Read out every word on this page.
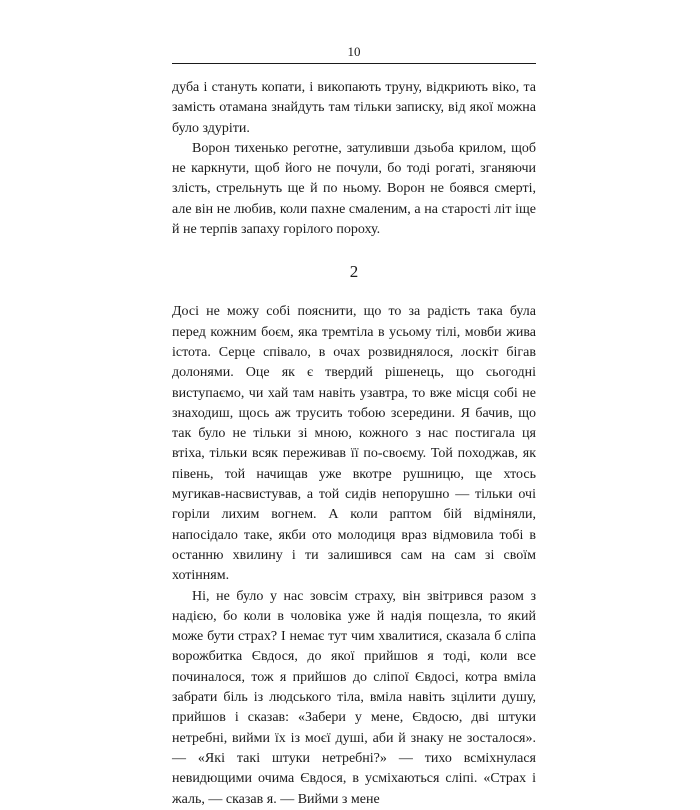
10

дуба і стануть копати, і викопають труну, відкриють віко, та замість отамана знайдуть там тільки записку, від якої можна було здуріти.

Ворон тихенько реготне, затуливши дзьоба крилом, щоб не каркнути, щоб його не почули, бо тоді рогаті, зганяючи злість, стрельнуть ще й по ньому. Ворон не боявся смерті, але він не любив, коли пахне смаленим, а на старості літ іще й не терпів запаху горілого пороху.

2

Досі не можу собі пояснити, що то за радість така була перед кожним боєм, яка тремтіла в усьому тілі, мовби жива істота. Серце співало, в очах розвиднялося, лоскіт бігав долонями. Оце як є твердий рішенець, що сьогодні виступаємо, чи хай там навіть узавтра, то вже місця собі не знаходиш, щось аж трусить тобою зсередини. Я бачив, що так було не тільки зі мною, кожного з нас постигала ця втіха, тільки всяк переживав її по-своєму. Той походжав, як півень, той начищав уже вкотре рушницю, ще хтось мугикав-насвистував, а той сидів непорушно — тільки очі горіли лихим вогнем. А коли раптом бій відміняли, напосідало таке, якби ото молодиця враз відмовила тобі в останню хвилину і ти залишився сам на сам зі своїм хотінням.

Ні, не було у нас зовсім страху, він звітрився разом з надією, бо коли в чоловіка уже й надія пощезла, то який може бути страх? І немає тут чим хвалитися, сказала б сліпа ворожбитка Євдося, до якої прийшов я тоді, коли все починалося, тож я прийшов до сліпої Євдосі, котра вміла забрати біль із людського тіла, вміла навіть зцілити душу, прийшов і сказав: «Забери у мене, Євдосю, дві штуки нетребні, вийми їх із моєї душі, аби й знаку не зосталося». — «Які такі штуки нетребні?» — тихо всміхнулася невидющими очима Євдося, в усміхаються сліпі. «Страх і жаль, — сказав я. — Вийми з мене
